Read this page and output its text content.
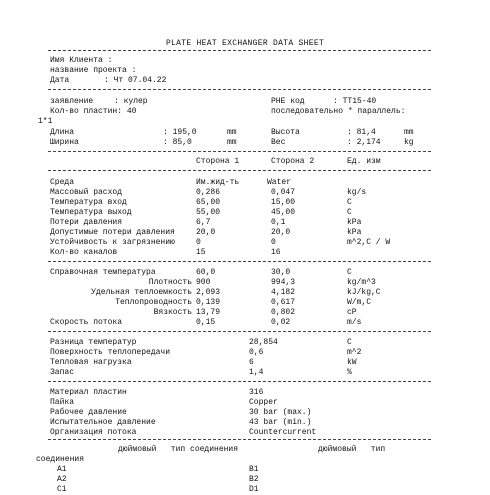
PLATE HEAT EXCHANGER DATA SHEET
Имя Клиента :
название проекта :
Дата	: Чт 07.04.22
заявление	: кулер	PHE код	: TT15-40
Кол-во пластин: 40	последовательно * параллель:
1*1
Длина	: 195,0	mm	Высота	: 81,4	mm
Ширина	: 85,0	mm	Вес	: 2,174	kg
Сторона 1	Сторона 2	Ед. изм
Среда	Им.жид-ть	Water
Массовый расход	0,286	0,047	kg/s
Температура вход	65,00	15,00	C
Температура выход	55,00	45,00	C
Потери давления	6,7	0,1	kPa
Допустимые потери давления	20,0	20,0	kPa
Устойчивость к загрязнению	0	0	m^2,C / W
Кол-во каналов	15	16
Справочная температура	60,0	30,0	C
Плотность 900	994,3	kg/m^3
Удельная теплоемкость 2,093	4,182	kJ/kg,C
Теплопроводность 0,139	0,617	W/m,C
Вязкость 13,79	0,802	cP
Скорость потока	0,15	0,02	m/s
Разница температур	28,854	C
Поверхность теплопередачи	0,6	m^2
Тепловая нагрузка	6	kW
Запас	1,4	%
Материал пластин	316
Пайка	Copper
Рабочее давление	30 bar (max.)
Испытательное давление	43 bar (min.)
Организация потока	Countercurrent
дюймовый   тип соединения	дюймовый   тип
соединения
A1	B1
A2	B2
C1	D1
